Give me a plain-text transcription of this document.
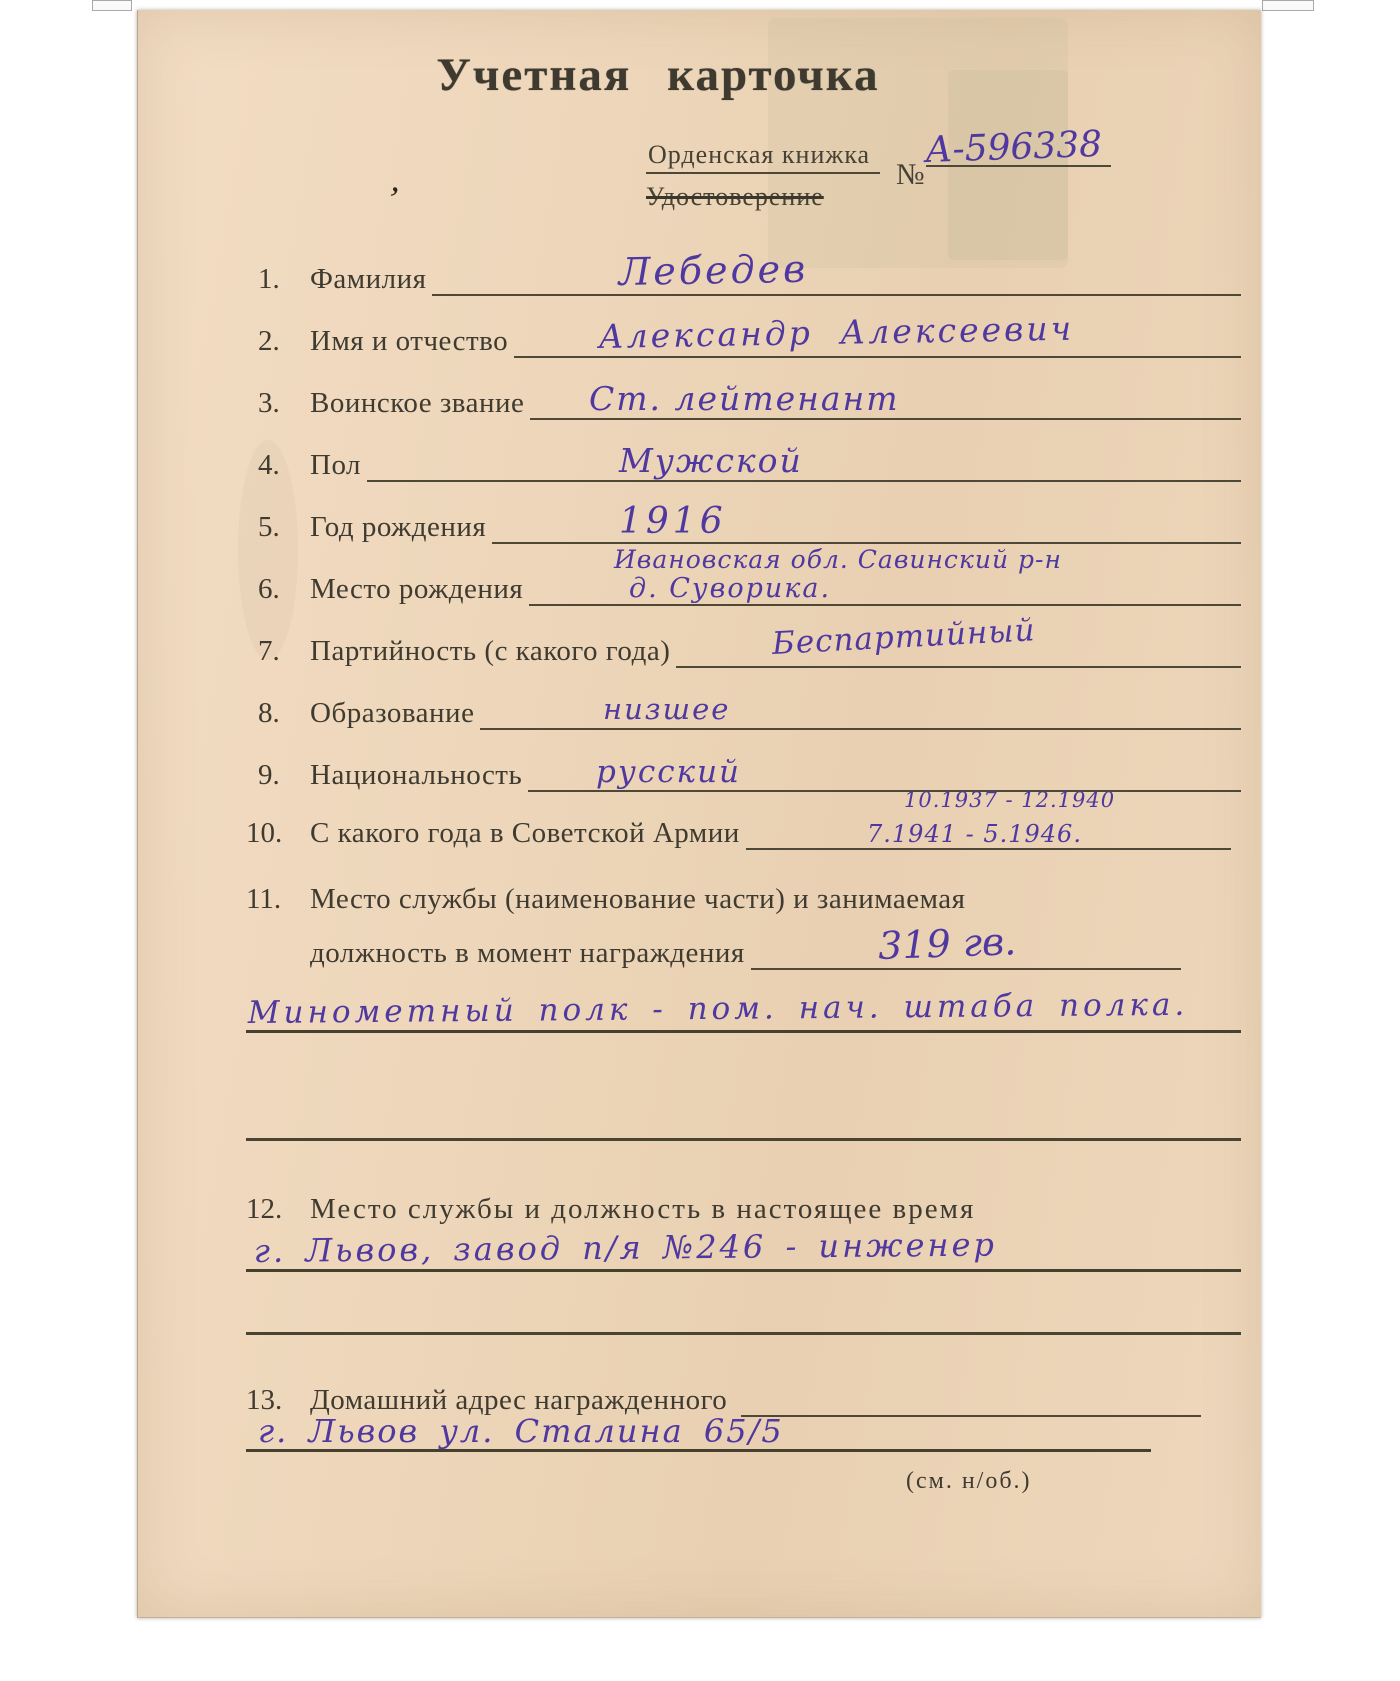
’
Учетная карточка
Орденская книжка
Удостоверение
№
А-596338
1.	Фамилия	Лебедев
2.	Имя и отчество	Александр Алексеевич
3.	Воинское звание Ст. лейтенант
4.	Пол	Мужской
5.	Год рождения	1916
6.	Место рождения
Ивановская обл. Савинский р-н
д. Суворика.
7.	Партийность (с какого года)	Беспартийный
8.	Образование	низшее
9.	Национальность русский
10. С какого года в Советской Армии
10.1937 - 12.1940
7.1941 - 5.1946.
11. Место службы (наименование части) и занимаемая
должность в момент награждения	319 гв.
Минометный полк - пом. нач. штаба полка.
12. Место службы и должность в настоящее время
г. Львов, завод п/я №246 - инженер
13. Домашний адрес награжденного
г. Львов ул. Сталина 65/5
(см. н/об.)
